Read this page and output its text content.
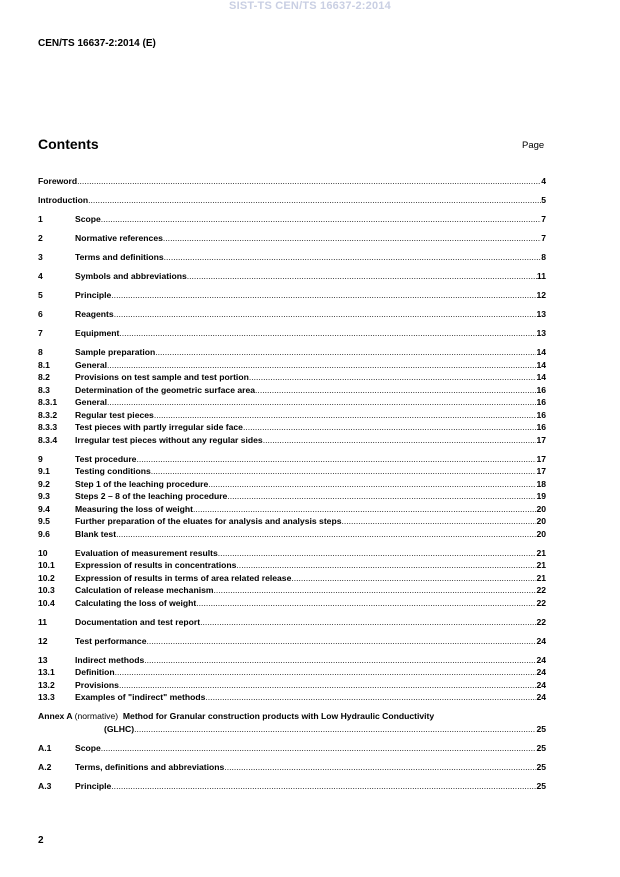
SIST-TS CEN/TS 16637-2:2014
CEN/TS 16637-2:2014 (E)
Contents	Page
Foreword .....	4
Introduction .....	5
1	Scope .....	7
2	Normative references .....	7
3	Terms and definitions .....	8
4	Symbols and abbreviations .....	11
5	Principle .....	12
6	Reagents .....	13
7	Equipment .....	13
8	Sample preparation .....	14
8.1	General .....	14
8.2	Provisions on test sample and test portion .....	14
8.3	Determination of the geometric surface area .....	16
8.3.1	General .....	16
8.3.2	Regular test pieces .....	16
8.3.3	Test pieces with partly irregular side face .....	16
8.3.4	Irregular test pieces without any regular sides .....	17
9	Test procedure .....	17
9.1	Testing conditions .....	17
9.2	Step 1 of the leaching procedure .....	18
9.3	Steps 2 – 8 of the leaching procedure .....	19
9.4	Measuring the loss of weight .....	20
9.5	Further preparation of the eluates for analysis and analysis steps .....	20
9.6	Blank test .....	20
10	Evaluation of measurement results .....	21
10.1	Expression of results in concentrations .....	21
10.2	Expression of results in terms of area related release .....	21
10.3	Calculation of release mechanism .....	22
10.4	Calculating the loss of weight .....	22
11	Documentation and test report .....	22
12	Test performance .....	24
13	Indirect methods .....	24
13.1	Definition .....	24
13.2	Provisions .....	24
13.3	Examples of "indirect" methods .....	24
Annex A (normative) Method for Granular construction products with Low Hydraulic Conductivity
(GLHC) .....	25
A.1	Scope .....	25
A.2	Terms, definitions and abbreviations .....	25
A.3	Principle .....	25
2
